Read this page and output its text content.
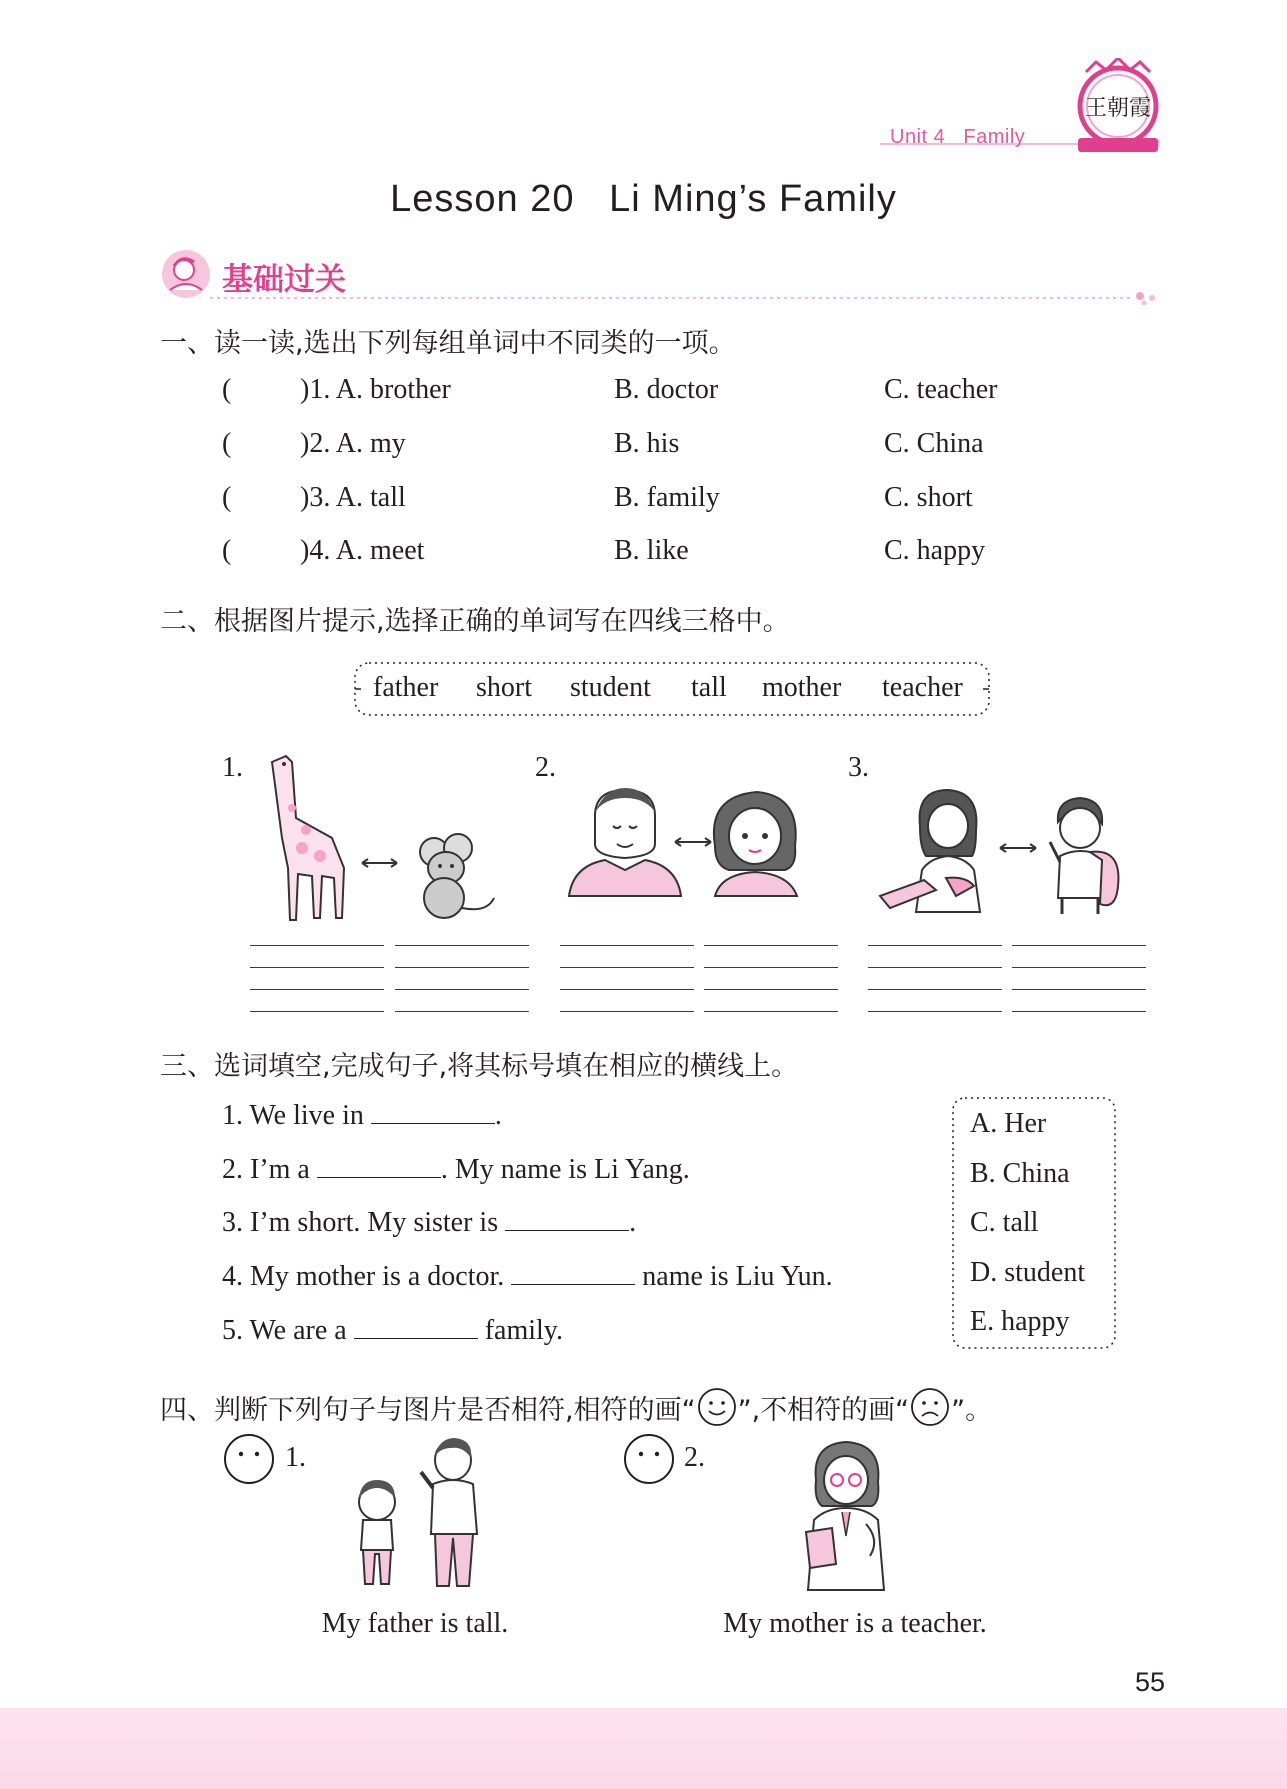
Unit 4   Family
王朝霞
Lesson 20   Li Ming’s Family
基础过关
一、读一读,选出下列每组单词中不同类的一项。
( )1. A. brother	B. doctor	C. teacher
( )2. A. my	B. his	C. China
( )3. A. tall	B. family	C. short
( )4. A. meet	B. like	C. happy
二、根据图片提示,选择正确的单词写在四线三格中。
father short student tall mother teacher
1.	2.	3.
三、选词填空,完成句子,将其标号填在相应的横线上。
1. We live in	.
2. I’m a	. My name is Li Yang.
3. I’m short. My sister is	.
4. My mother is a doctor.	name is Liu Yun.
5. We are a	family.
A. Her
B. China
C. tall
D. student
E. happy
四、判断下列句子与图片是否相符,相符的画“ ”,不相符的画“ ”。
1.
My father is tall.
2.
My mother is a teacher.
55
